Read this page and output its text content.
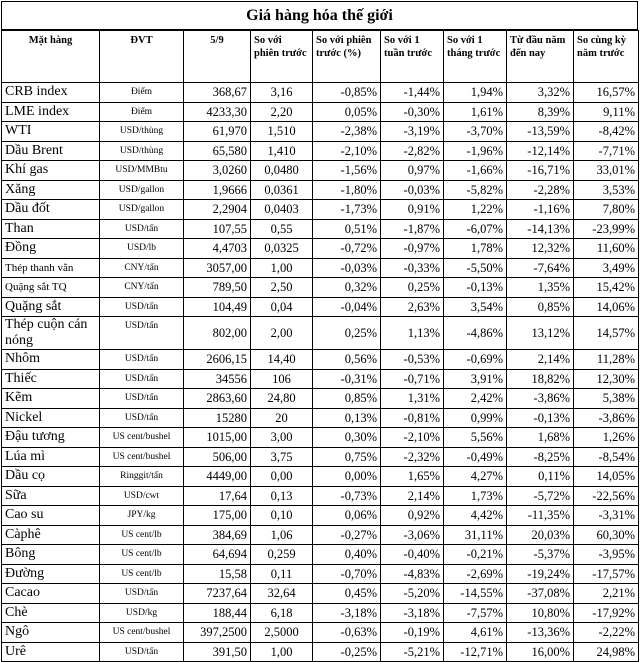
Giá hàng hóa thế giới
Mặt hàng	ĐVT	5/9	So với phiên trước	So với phiên trước (%)	So với 1 tuần trước	So với 1 tháng trước	Từ đầu năm đến nay	So cùng kỳ năm trước
CRB index	Điểm	368,67	3,16	-0,85%	-1,44%	1,94%	3,32%	16,57%
LME index	Điểm	4233,30	2,20	0,05%	-0,30%	1,61%	8,39%	9,11%
WTI	USD/thùng	61,970	1,510	-2,38%	-3,19%	-3,70%	-13,59%	-8,42%
Dầu Brent	USD/thùng	65,580	1,410	-2,10%	-2,82%	-1,96%	-12,14%	-7,71%
Khí gas	USD/MMBtu	3,0260	0,0480	-1,56%	0,97%	-1,66%	-16,71%	33,01%
Xăng	USD/gallon	1,9666	0,0361	-1,80%	-0,03%	-5,82%	-2,28%	3,53%
Dầu đốt	USD/gallon	2,2904	0,0403	-1,73%	0,91%	1,22%	-1,16%	7,80%
Than	USD/tấn	107,55	0,55	0,51%	-1,87%	-6,07%	-14,13%	-23,99%
Đồng	USD/lb	4,4703	0,0325	-0,72%	-0,97%	1,78%	12,32%	11,60%
Thép thanh vằn	CNY/tấn	3057,00	1,00	-0,03%	-0,33%	-5,50%	-7,64%	3,49%
Quặng sắt TQ	CNY/tấn	789,50	2,50	0,32%	0,25%	-0,13%	1,35%	15,42%
Quặng sắt	USD/tấn	104,49	0,04	-0,04%	2,63%	3,54%	0,85%	14,06%
Thép cuộn cán nóng	USD/tấn	802,00	2,00	0,25%	1,13%	-4,86%	13,12%	14,57%
Nhôm	USD/tấn	2606,15	14,40	0,56%	-0,53%	-0,69%	2,14%	11,28%
Thiếc	USD/tấn	34556	106	-0,31%	-0,71%	3,91%	18,82%	12,30%
Kẽm	USD/tấn	2863,60	24,80	0,85%	1,31%	2,42%	-3,86%	5,38%
Nickel	USD/tấn	15280	20	0,13%	-0,81%	0,99%	-0,13%	-3,86%
Đậu tương	US cent/bushel	1015,00	3,00	0,30%	-2,10%	5,56%	1,68%	1,26%
Lúa mì	US cent/bushel	506,00	3,75	0,75%	-2,32%	-0,49%	-8,25%	-8,54%
Dầu cọ	Ringgit/tấn	4449,00	0,00	0,00%	1,65%	4,27%	0,11%	14,05%
Sữa	USD/cwt	17,64	0,13	-0,73%	2,14%	1,73%	-5,72%	-22,56%
Cao su	JPY/kg	175,00	0,10	0,06%	0,92%	4,42%	-11,35%	-3,31%
Càphê	US cent/lb	384,69	1,06	-0,27%	-3,06%	31,11%	20,03%	60,30%
Bông	US cent/lb	64,694	0,259	0,40%	-0,40%	-0,21%	-5,37%	-3,95%
Đường	US cent/lb	15,58	0,11	-0,70%	-4,83%	-2,69%	-19,24%	-17,57%
Cacao	USD/tấn	7237,64	32,64	0,45%	-5,20%	-14,55%	-37,08%	2,21%
Chè	USD/kg	188,44	6,18	-3,18%	-3,18%	-7,57%	10,80%	-17,92%
Ngô	US cent/bushel	397,2500	2,5000	-0,63%	-0,19%	4,61%	-13,36%	-2,22%
Urê	USD/tấn	391,50	1,00	-0,25%	-5,21%	-12,71%	16,00%	24,98%
